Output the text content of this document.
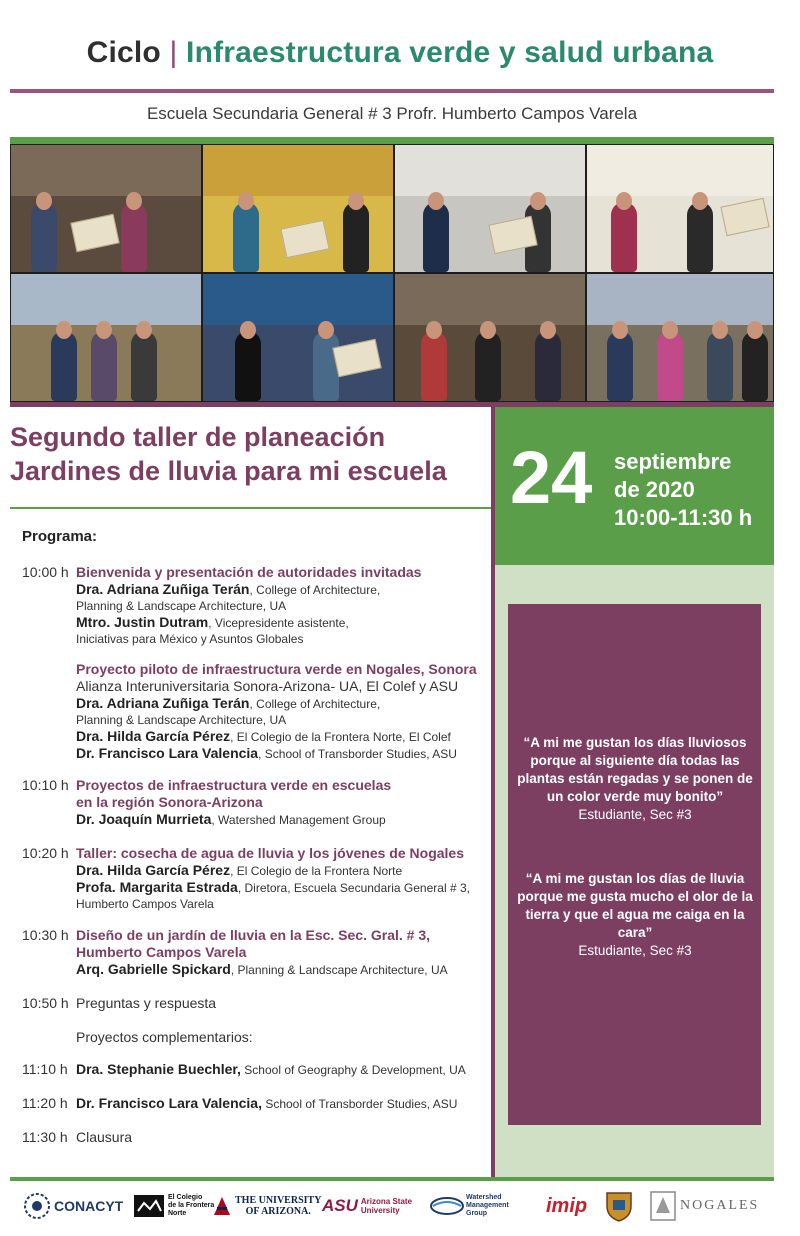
Ciclo | Infraestructura verde y salud urbana
Escuela Secundaria General # 3 Profr. Humberto Campos Varela
Segundo taller de planeación
Jardines de lluvia para mi escuela 24 septiembre
de 2020
10:00-11:30 h
“A mi me gustan los días lluviosos porque al siguiente día todas las plantas están regadas y se ponen de un color verde muy bonito”
Estudiante, Sec #3
“A mi me gustan los días de lluvia porque me gusta mucho el olor de la tierra y que el agua me caiga en la cara”
Estudiante, Sec #3
Programa:
10:00 h Bienvenida y presentación de autoridades invitadas
Dra. Adriana Zuñiga Terán, College of Architecture,
Planning & Landscape Architecture, UA
Mtro. Justin Dutram, Vicepresidente asistente,
Iniciativas para México y Asuntos Globales
Proyecto piloto de infraestructura verde en Nogales, Sonora
Alianza Interuniversitaria Sonora-Arizona- UA, El Colef y ASU
Dra. Adriana Zuñiga Terán, College of Architecture,
Planning & Landscape Architecture, UA
Dra. Hilda García Pérez, El Colegio de la Frontera Norte, El Colef
Dr. Francisco Lara Valencia, School of Transborder Studies, ASU
10:10 h Proyectos de infraestructura verde en escuelas
en la región Sonora-Arizona
Dr. Joaquín Murrieta, Watershed Management Group
10:20 h Taller: cosecha de agua de lluvia y los jóvenes de Nogales
Dra. Hilda García Pérez, El Colegio de la Frontera Norte
Profa. Margarita Estrada, Diretora, Escuela Secundaria General # 3,
Humberto Campos Varela
10:30 h Diseño de un jardín de lluvia en la Esc. Sec. Gral. # 3,
Humberto Campos Varela
Arq. Gabrielle Spickard, Planning & Landscape Architecture, UA
10:50 h Preguntas y respuesta
Proyectos complementarios:
11:10 h Dra. Stephanie Buechler, School of Geography & Development, UA
11:20 h Dr. Francisco Lara Valencia, School of Transborder Studies, ASU
11:30 h Clausura
CONACYT
El Colegio
de la Frontera
Norte
THE UNIVERSITY
OF ARIZONA. ASU Arizona State
University
Watershed
Management
Group	imip	NOGALES
